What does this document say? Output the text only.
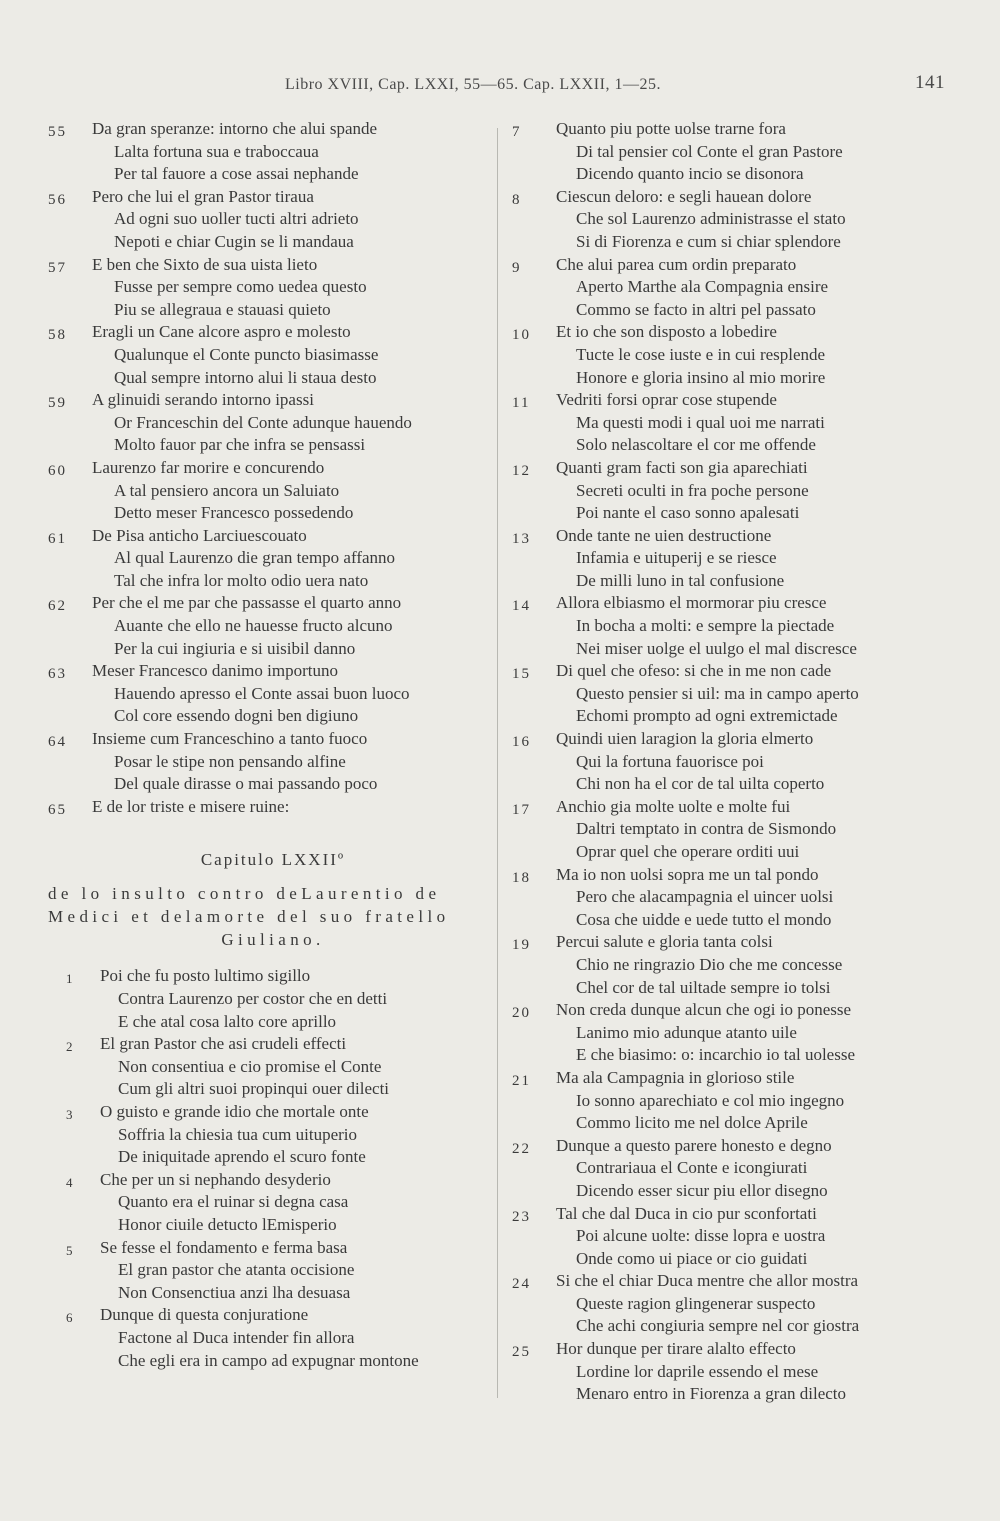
Libro XVIII, Cap. LXXI, 55—65. Cap. LXXII, 1—25.	141
55	Da gran speranze: intorno che alui spande
Lalta fortuna sua e traboccaua
Per tal fauore a cose assai nephande
56	Pero che lui el gran Pastor tiraua
Ad ogni suo uoller tucti altri adrieto
Nepoti e chiar Cugin se li mandaua
57	E ben che Sixto de sua uista lieto
Fusse per sempre como uedea questo
Piu se allegraua e stauasi quieto
58	Eragli un Cane alcore aspro e molesto
Qualunque el Conte puncto biasimasse
Qual sempre intorno alui li staua desto
59	A glinuidi serando intorno ipassi
Or Franceschin del Conte adunque hauendo
Molto fauor par che infra se pensassi
60	Laurenzo far morire e concurendo
A tal pensiero ancora un Saluiato
Detto meser Francesco possedendo
61	De Pisa anticho Larciuescouato
Al qual Laurenzo die gran tempo affanno
Tal che infra lor molto odio uera nato
62	Per che el me par che passasse el quarto anno
Auante che ello ne hauesse fructo alcuno
Per la cui ingiuria e si uisibil danno
63	Meser Francesco danimo importuno
Hauendo apresso el Conte assai buon luoco
Col core essendo dogni ben digiuno
64	Insieme cum Franceschino a tanto fuoco
Posar le stipe non pensando alfine
Del quale dirasse o mai passando poco
65	E de lor triste e misere ruine:
Capitulo LXXIIº
de lo insulto contro deLaurentio de
Medici et delamorte del suo fratello
Giuliano.
1	Poi che fu posto lultimo sigillo
Contra Laurenzo per costor che en detti
E che atal cosa lalto core aprillo
2	El gran Pastor che asi crudeli effecti
Non consentiua e cio promise el Conte
Cum gli altri suoi propinqui ouer dilecti
3	O guisto e grande idio che mortale onte
Soffria la chiesia tua cum uituperio
De iniquitade aprendo el scuro fonte
4	Che per un si nephando desyderio
Quanto era el ruinar si degna casa
Honor ciuile detucto lEmisperio
5	Se fesse el fondamento e ferma basa
El gran pastor che atanta occisione
Non Consenctiua anzi lha desuasa
6	Dunque di questa conjuratione
Factone al Duca intender fin allora
Che egli era in campo ad expugnar montone
7	Quanto piu potte uolse trarne fora
Di tal pensier col Conte el gran Pastore
Dicendo quanto incio se disonora
8	Ciescun deloro: e segli hauean dolore
Che sol Laurenzo administrasse el stato
Si di Fiorenza e cum si chiar splendore
9	Che alui parea cum ordin preparato
Aperto Marthe ala Compagnia ensire
Commo se facto in altri pel passato
10	Et io che son disposto a lobedire
Tucte le cose iuste e in cui resplende
Honore e gloria insino al mio morire
11	Vedriti forsi oprar cose stupende
Ma questi modi i qual uoi me narrati
Solo nelascoltare el cor me offende
12	Quanti gram facti son gia aparechiati
Secreti oculti in fra poche persone
Poi nante el caso sonno apalesati
13	Onde tante ne uien destructione
Infamia e uituperij e se riesce
De milli luno in tal confusione
14	Allora elbiasmo el mormorar piu cresce
In bocha a molti: e sempre la piectade
Nei miser uolge el uulgo el mal discresce
15	Di quel che ofeso: si che in me non cade
Questo pensier si uil: ma in campo aperto
Echomi prompto ad ogni extremictade
16	Quindi uien laragion la gloria elmerto
Qui la fortuna fauorisce poi
Chi non ha el cor de tal uilta coperto
17	Anchio gia molte uolte e molte fui
Daltri temptato in contra de Sismondo
Oprar quel che operare orditi uui
18	Ma io non uolsi sopra me un tal pondo
Pero che alacampagnia el uincer uolsi
Cosa che uidde e uede tutto el mondo
19	Percui salute e gloria tanta colsi
Chio ne ringrazio Dio che me concesse
Chel cor de tal uiltade sempre io tolsi
20	Non creda dunque alcun che ogi io ponesse
Lanimo mio adunque atanto uile
E che biasimo: o: incarchio io tal uolesse
21	Ma ala Campagnia in glorioso stile
Io sonno aparechiato e col mio ingegno
Commo licito me nel dolce Aprile
22	Dunque a questo parere honesto e degno
Contrariaua el Conte e icongiurati
Dicendo esser sicur piu ellor disegno
23	Tal che dal Duca in cio pur sconfortati
Poi alcune uolte: disse lopra e uostra
Onde como ui piace or cio guidati
24	Si che el chiar Duca mentre che allor mostra
Queste ragion glingenerar suspecto
Che achi congiuria sempre nel cor giostra
25	Hor dunque per tirare alalto effecto
Lordine lor daprile essendo el mese
Menaro entro in Fiorenza a gran dilecto
